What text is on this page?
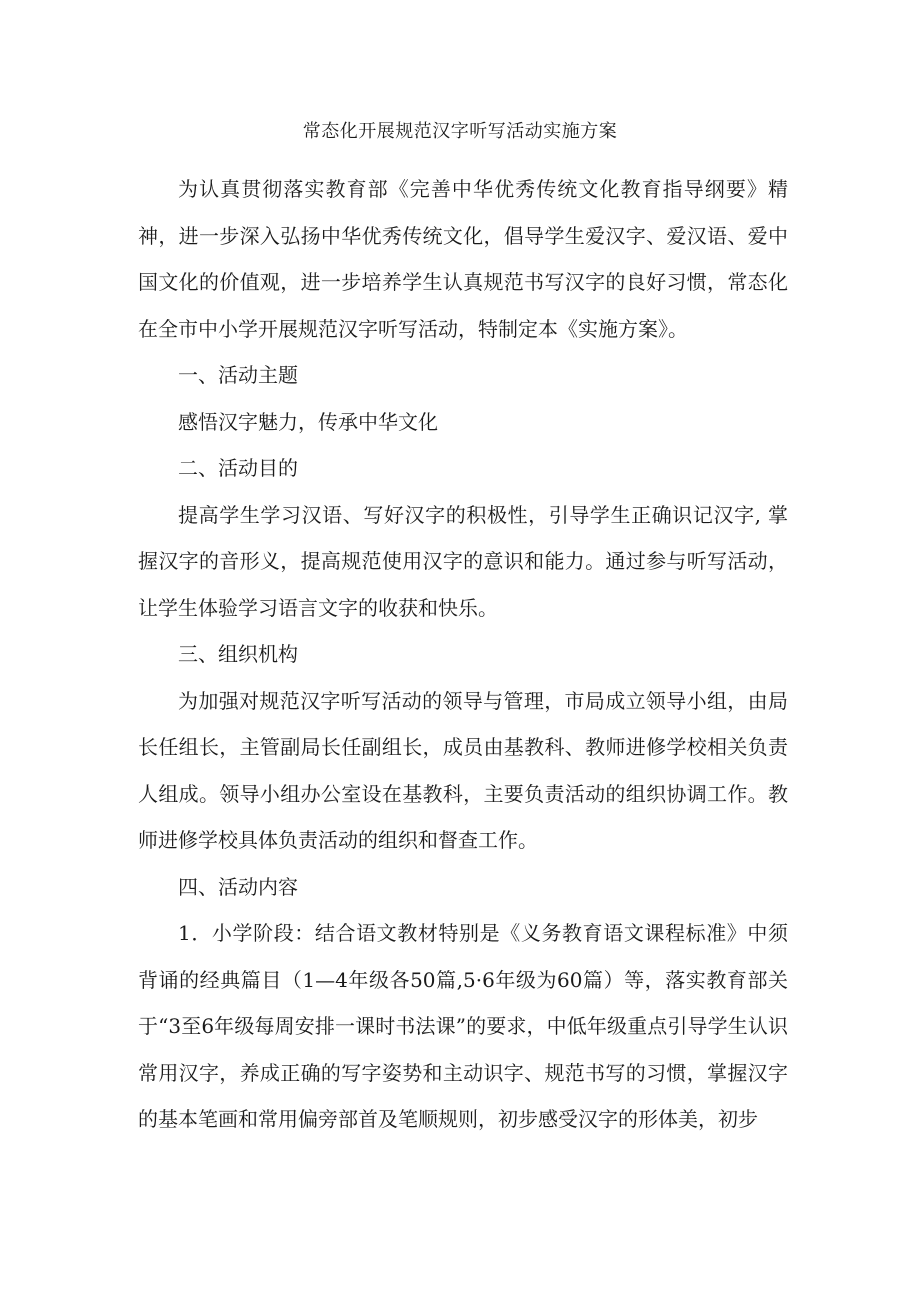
常态化开展规范汉字听写活动实施方案

为认真贯彻落实教育部《完善中华优秀传统文化教育指导纲要》精神，进一步深入弘扬中华优秀传统文化，倡导学生爱汉字、爱汉语、爱中国文化的价值观，进一步培养学生认真规范书写汉字的良好习惯，常态化在全市中小学开展规范汉字听写活动，特制定本《实施方案》。

一、活动主题

感悟汉字魅力，传承中华文化

二、活动目的

提高学生学习汉语、写好汉字的积极性，引导学生正确识记汉字, 掌握汉字的音形义，提高规范使用汉字的意识和能力。通过参与听写活动，让学生体验学习语言文字的收获和快乐。

三、组织机构

为加强对规范汉字听写活动的领导与管理，市局成立领导小组，由局长任组长，主管副局长任副组长，成员由基教科、教师进修学校相关负责人组成。领导小组办公室设在基教科，主要负责活动的组织协调工作。教师进修学校具体负责活动的组织和督查工作。

四、活动内容

1．小学阶段：结合语文教材特别是《义务教育语文课程标准》中须背诵的经典篇目（1—4年级各50篇,5·6年级为60篇）等，落实教育部关于“3至6年级每周安排一课时书法课”的要求，中低年级重点引导学生认识常用汉字，养成正确的写字姿势和主动识字、规范书写的习惯，掌握汉字的基本笔画和常用偏旁部首及笔顺规则，初步感受汉字的形体美，初步
